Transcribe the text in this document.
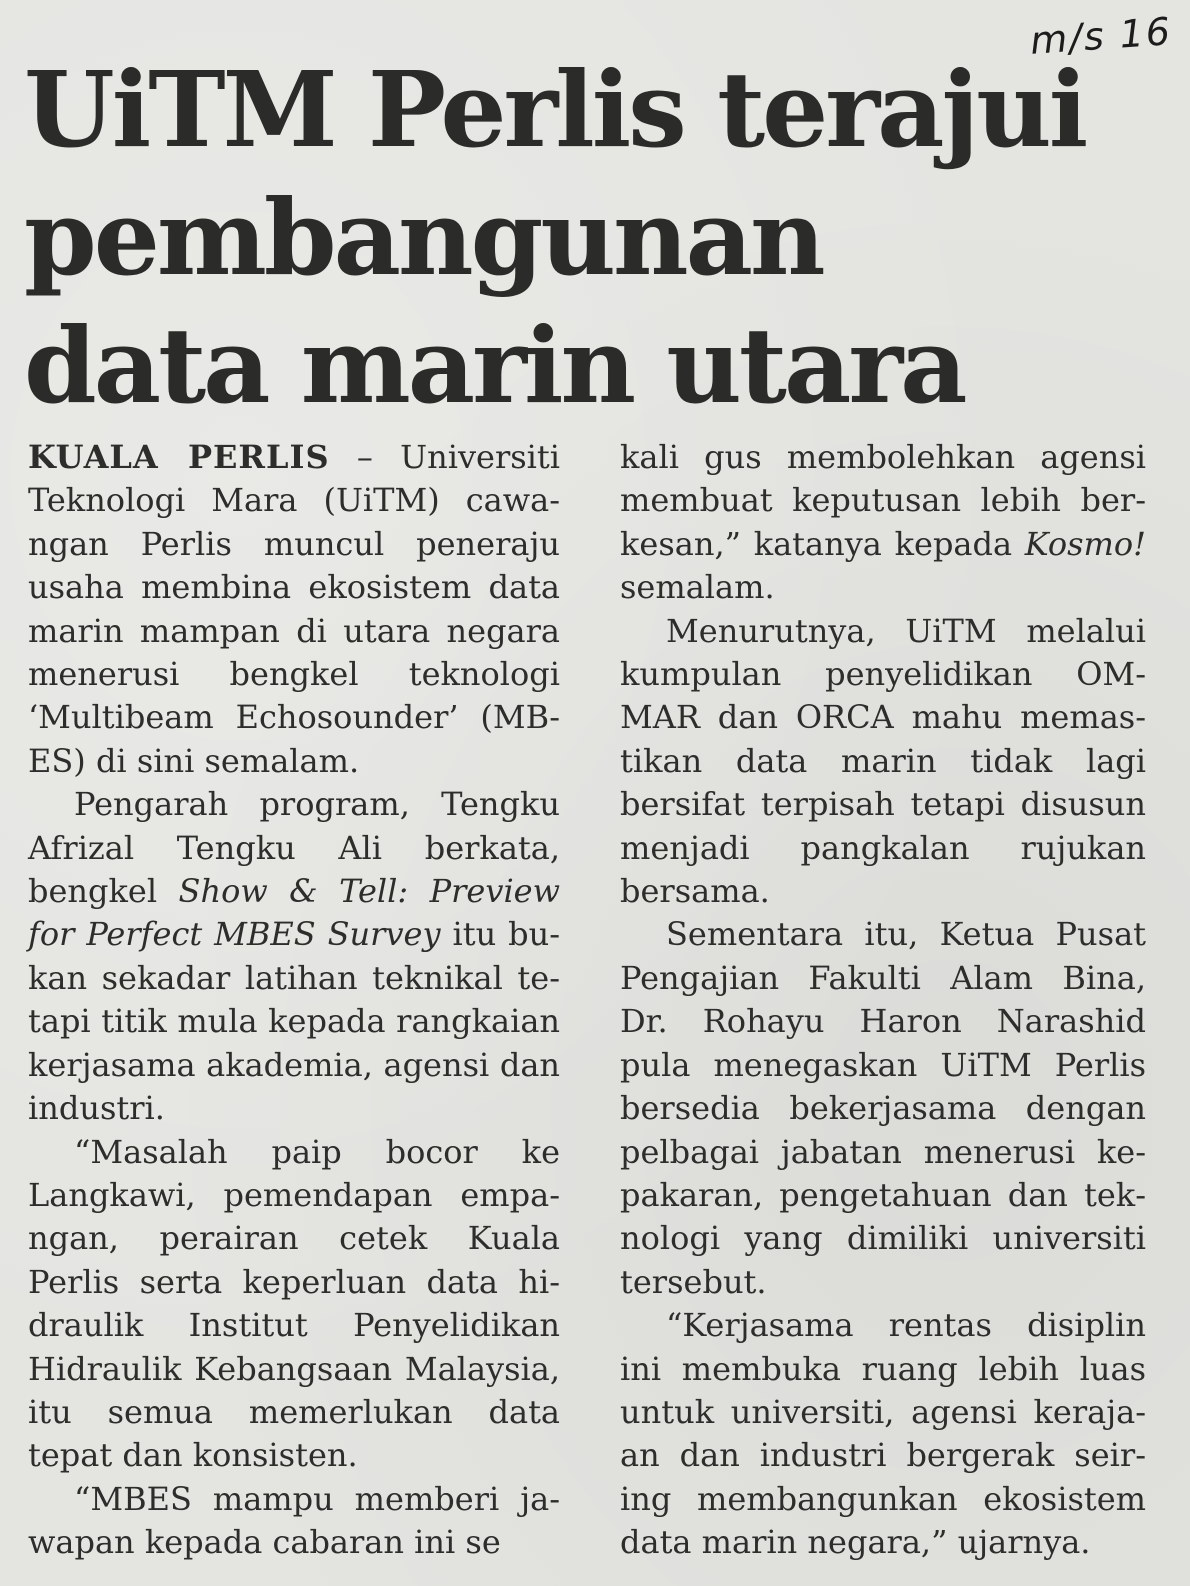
m/s 16
UiTM Perlis terajui
pembangunan
data marin utara

KUALA PERLIS – Universiti Teknologi Mara (UiTM) cawangan Perlis muncul peneraju usaha membina ekosistem data marin mampan di utara negara menerusi bengkel teknologi ‘Multibeam Echosounder’ (MBES) di sini semalam.

Pengarah program, Tengku Afrizal Tengku Ali berkata, bengkel Show & Tell: Preview for Perfect MBES Survey itu bukan sekadar latihan teknikal tetapi titik mula kepada rangkaian kerjasama akademia, agensi dan industri.

“Masalah paip bocor ke Langkawi, pemendapan empangan, perairan cetek Kuala Perlis serta keperluan data hidraulik Institut Penyelidikan Hidraulik Kebangsaan Malaysia, itu semua memerlukan data tepat dan konsisten.

“MBES mampu memberi jawapan kepada cabaran ini se

kali gus membolehkan agensi membuat keputusan lebih berkesan,” katanya kepada Kosmo! semalam.

Menurutnya, UiTM melalui kumpulan penyelidikan OMMAR dan ORCA mahu memastikan data marin tidak lagi bersifat terpisah tetapi disusun menjadi pangkalan rujukan bersama.

Sementara itu, Ketua Pusat Pengajian Fakulti Alam Bina, Dr. Rohayu Haron Narashid pula menegaskan UiTM Perlis bersedia bekerjasama dengan pelbagai jabatan menerusi kepakaran, pengetahuan dan teknologi yang dimiliki universiti tersebut.

“Kerjasama rentas disiplin ini membuka ruang lebih luas untuk universiti, agensi kerajaan dan industri bergerak seiring membangunkan ekosistem data marin negara,” ujarnya.
